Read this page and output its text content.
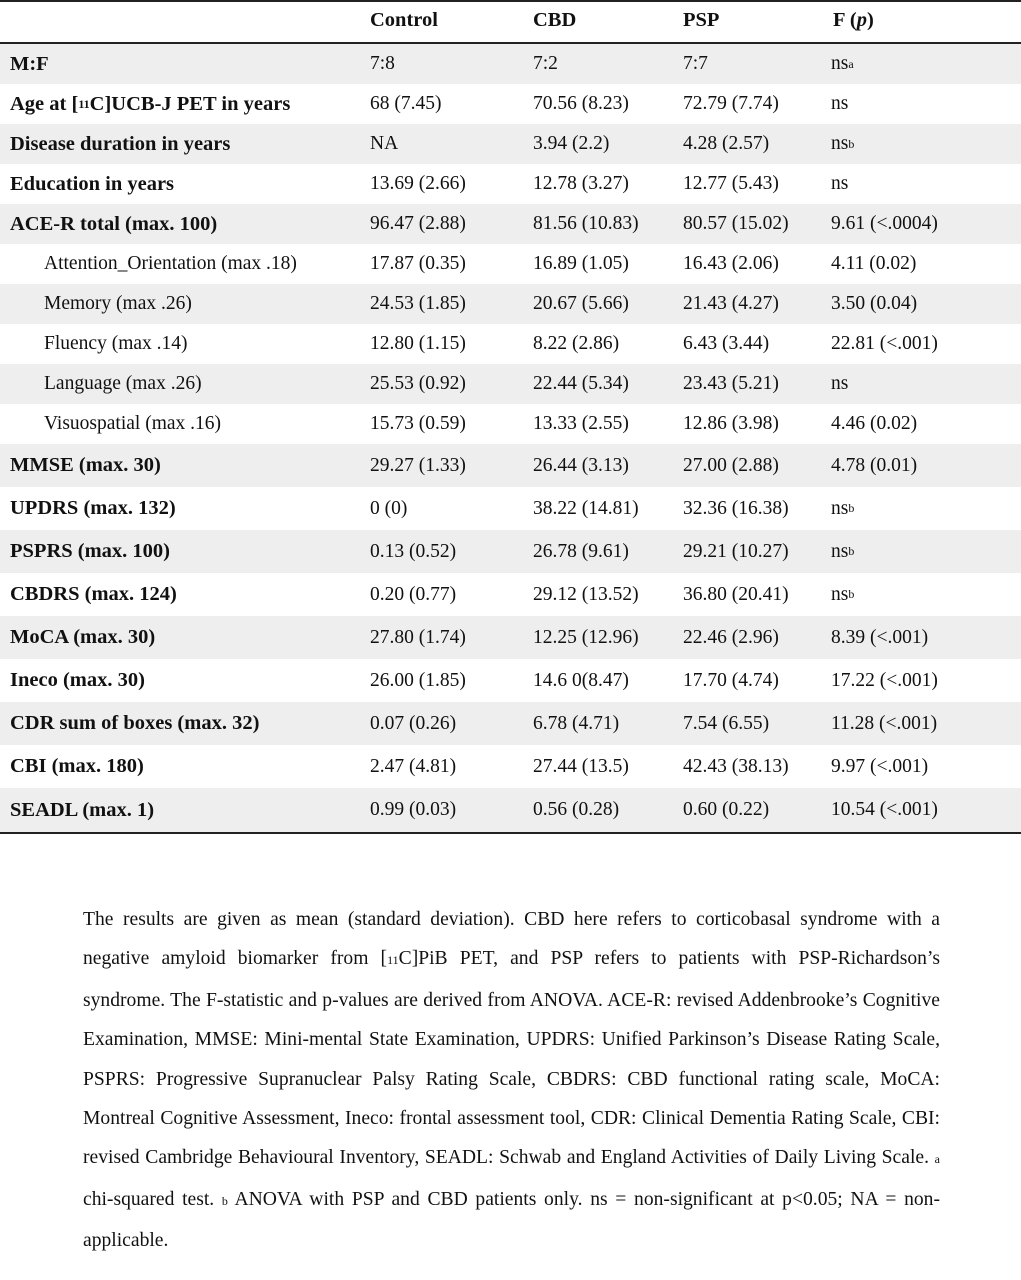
Control	CBD	PSP	F (p)
M:F	7:8	7:2	7:7	ns a
Age at [ 11 C]UCB-J PET in years	68 (7.45)	70.56 (8.23)	72.79 (7.74)	ns
Disease duration in years	NA	3.94 (2.2)	4.28 (2.57)	ns b
Education in years	13.69 (2.66)	12.78 (3.27)	12.77 (5.43)	ns
ACE-R total (max. 100)	96.47 (2.88)	81.56 (10.83) 80.57 (15.02) 9.61 (<.0004)
Attention_Orientation (max .18)	17.87 (0.35)	16.89 (1.05)	16.43 (2.06)	4.11 (0.02)
Memory (max .26)	24.53 (1.85)	20.67 (5.66)	21.43 (4.27)	3.50 (0.04)
Fluency (max .14)	12.80 (1.15)	8.22 (2.86)	6.43 (3.44)	22.81 (<.001)
Language (max .26)	25.53 (0.92)	22.44 (5.34)	23.43 (5.21)	ns
Visuospatial (max .16)	15.73 (0.59)	13.33 (2.55)	12.86 (3.98)	4.46 (0.02)
MMSE (max. 30)	29.27 (1.33)	26.44 (3.13)	27.00 (2.88)	4.78 (0.01)
UPDRS (max. 132)	0 (0)	38.22 (14.81) 32.36 (16.38) ns b
PSPRS (max. 100)	0.13 (0.52)	26.78 (9.61)	29.21 (10.27) ns b
CBDRS (max. 124)	0.20 (0.77)	29.12 (13.52) 36.80 (20.41) ns b
MoCA (max. 30)	27.80 (1.74)	12.25 (12.96) 22.46 (2.96)	8.39 (<.001)
Ineco (max. 30)	26.00 (1.85)	14.6 0(8.47)	17.70 (4.74)	17.22 (<.001)
CDR sum of boxes (max. 32)	0.07 (0.26)	6.78 (4.71)	7.54 (6.55)	11.28 (<.001)
CBI (max. 180)	2.47 (4.81)	27.44 (13.5)	42.43 (38.13) 9.97 (<.001)
SEADL (max. 1)	0.99 (0.03)	0.56 (0.28)	0.60 (0.22)	10.54 (<.001)
The results are given as mean (standard deviation). CBD here refers to corticobasal syndrome with a negative amyloid biomarker from [11C]PiB PET, and PSP refers to patients with PSP-Richardson’s syndrome. The F-statistic and p-values are derived from ANOVA. ACE-R: revised Addenbrooke’s Cognitive Examination, MMSE: Mini-mental State Examination, UPDRS: Unified Parkinson’s Disease Rating Scale, PSPRS: Progressive Supranuclear Palsy Rating Scale, CBDRS: CBD functional rating scale, MoCA: Montreal Cognitive Assessment, Ineco: frontal assessment tool, CDR: Clinical Dementia Rating Scale, CBI: revised Cambridge Behavioural Inventory, SEADL: Schwab and England Activities of Daily Living Scale. a chi-squared test. b ANOVA with PSP and CBD patients only. ns = non-significant at p<0.05; NA = non-applicable.
